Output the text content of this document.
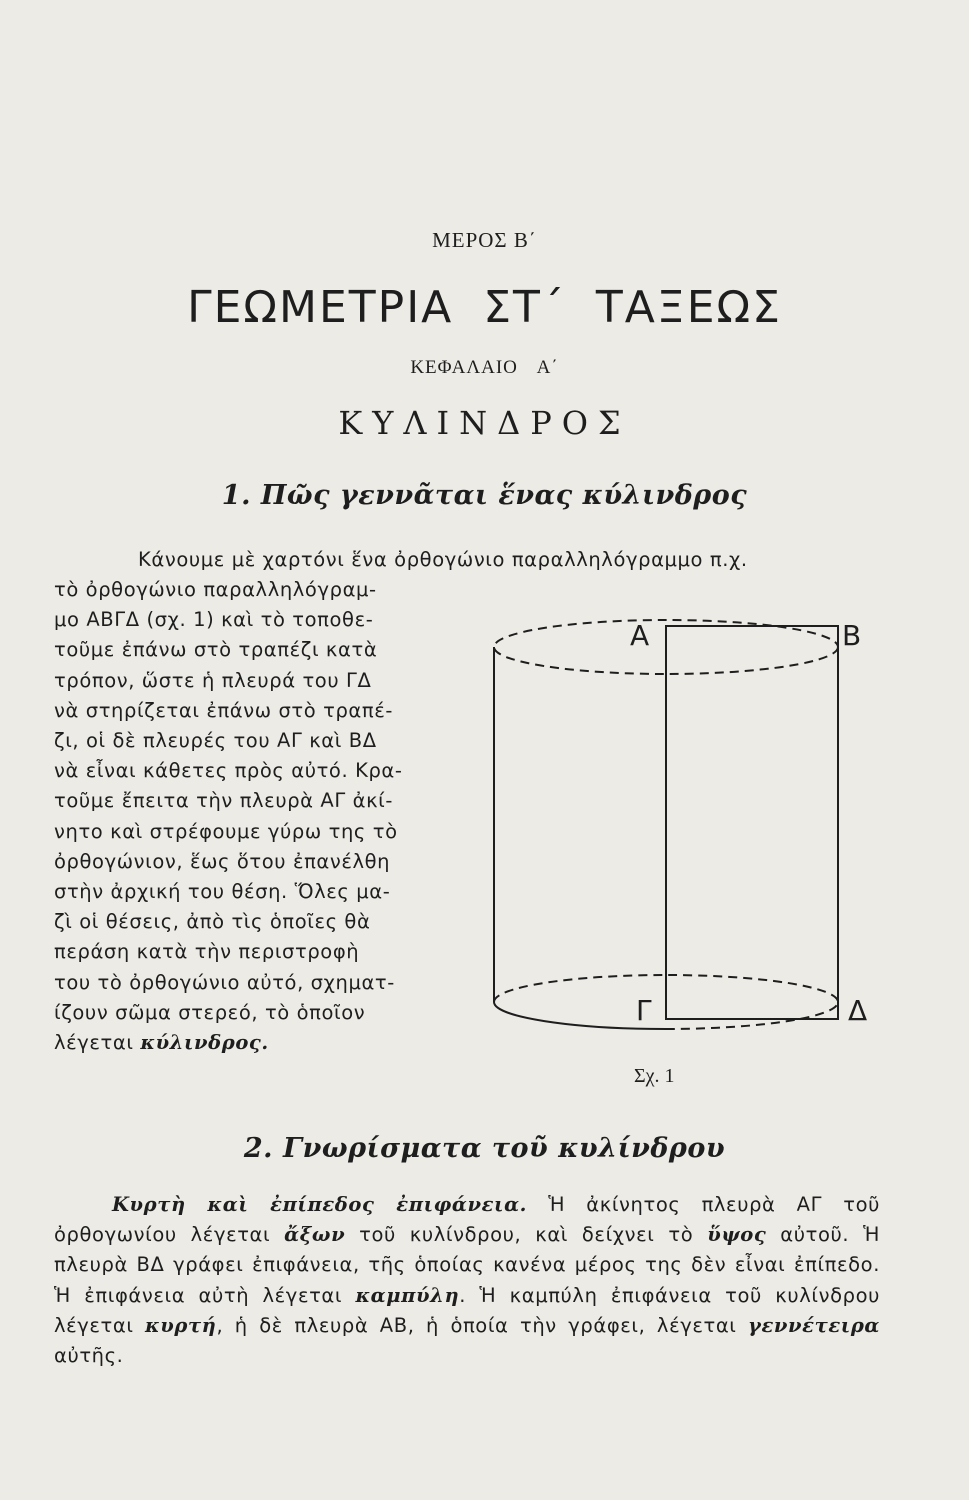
ΜΕΡΟΣ Β΄
ΓΕΩΜΕΤΡΙΑ ΣΤ΄ ΤΑΞΕΩΣ
ΚΕΦΑΛΑΙΟ Α΄
ΚΥΛΙΝΔΡΟΣ
1. Πῶς γεννᾶται ἕνας κύλινδρος
Κάνουμε μὲ χαρτόνι ἕνα ὀρθογώνιο παραλληλόγραμμο π.χ.
τὸ ὀρθογώνιο παραλληλόγραμ-
μο ΑΒΓΔ (σχ. 1) καὶ τὸ τοποθε-
τοῦμε ἐπάνω στὸ τραπέζι κατὰ
τρόπον, ὥστε ἡ πλευρά του ΓΔ
νὰ στηρίζεται ἐπάνω στὸ τραπέ-
ζι, οἱ δὲ πλευρές του ΑΓ καὶ ΒΔ
νὰ εἶναι κάθετες πρὸς αὐτό. Κρα-
τοῦμε ἔπειτα τὴν πλευρὰ ΑΓ ἀκί-
νητο καὶ στρέφουμε γύρω της τὸ
ὀρθογώνιον, ἕως ὅτου ἐπανέλθη
στὴν ἀρχική του θέση. Ὅλες μα-
ζὶ οἱ θέσεις, ἀπὸ τὶς ὁποῖες θὰ
περάση κατὰ τὴν περιστροφὴ
του τὸ ὀρθογώνιο αὐτό, σχηματ-
ίζουν σῶμα στερεό, τὸ ὁποῖον
λέγεται κύλινδρος.
Α	Β
Γ	Δ
Σχ. 1
2. Γνωρίσματα τοῦ κυλίνδρου
Κυρτὴ καὶ ἐπίπεδος ἐπιφάνεια. Ἡ ἀκίνητος πλευρὰ ΑΓ τοῦ ὀρθογωνίου λέγεται ἄξων τοῦ κυλίνδρου, καὶ δείχνει τὸ ὕψος αὐτοῦ. Ἡ πλευρὰ ΒΔ γράφει ἐπιφάνεια, τῆς ὁποίας κανένα μέρος της δὲν εἶναι ἐπίπεδο. Ἡ ἐπιφάνεια αὐτὴ λέγεται καμπύλη. Ἡ καμπύλη ἐπιφάνεια τοῦ κυλίνδρου λέγεται κυρτή, ἡ δὲ πλευρὰ ΑΒ, ἡ ὁποία τὴν γράφει, λέγεται γεννέτειρα αὐτῆς.
